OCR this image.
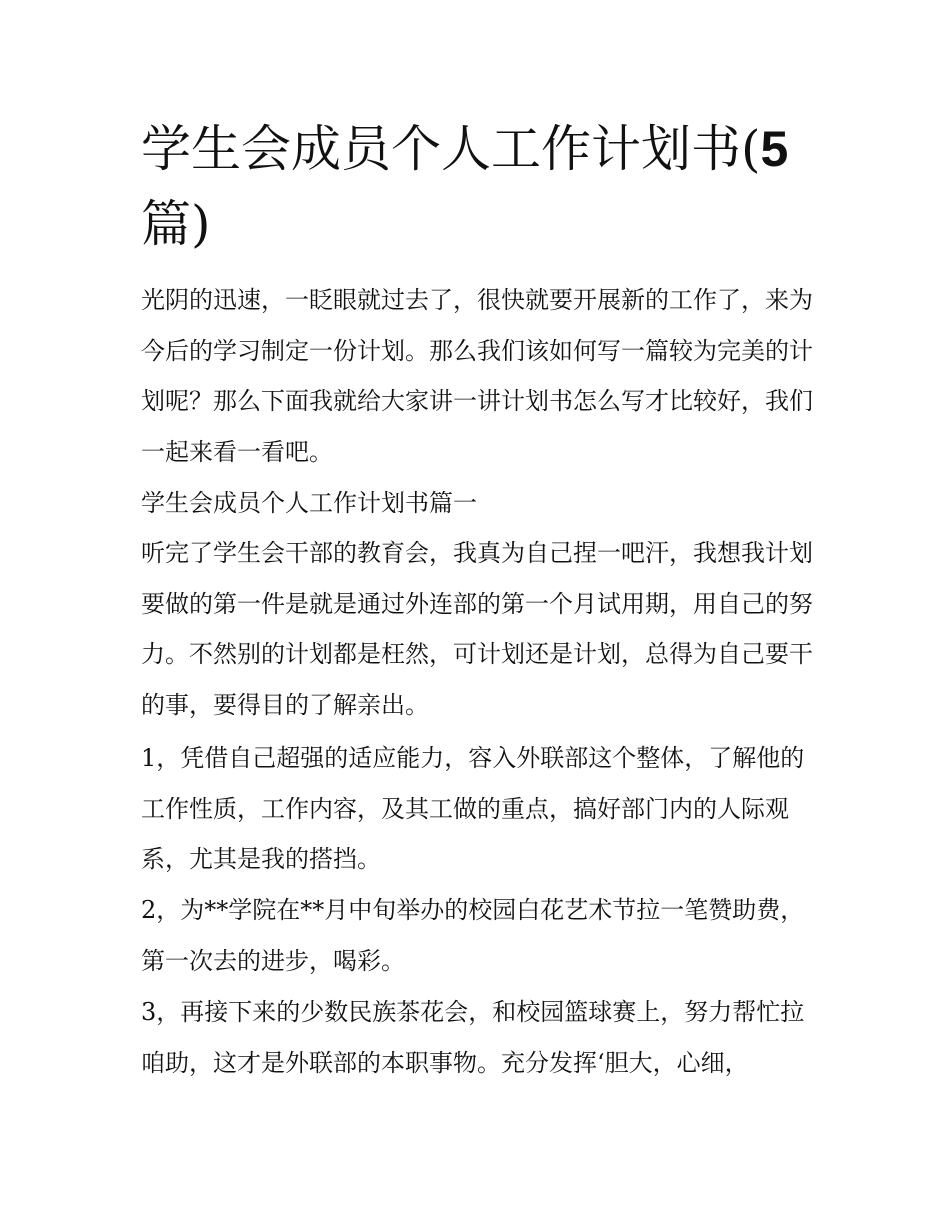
学生会成员个人工作计划书(5
篇)

光阴的迅速，一眨眼就过去了，很快就要开展新的工作了，来为今后的学习制定一份计划。那么我们该如何写一篇较为完美的计划呢？那么下面我就给大家讲一讲计划书怎么写才比较好，我们一起来看一看吧。

学生会成员个人工作计划书篇一

听完了学生会干部的教育会，我真为自己捏一吧汗，我想我计划要做的第一件是就是通过外连部的第一个月试用期，用自己的努力。不然别的计划都是枉然，可计划还是计划，总得为自己要干的事，要得目的了解亲出。

1，凭借自己超强的适应能力，容入外联部这个整体，了解他的工作性质，工作内容，及其工做的重点，搞好部门内的人际观系，尤其是我的搭挡。

2，为**学院在**月中旬举办的校园白花艺术节拉一笔赞助费，第一次去的进步，喝彩。

3，再接下来的少数民族茶花会，和校园篮球赛上，努力帮忙拉咱助，这才是外联部的本职事物。充分发挥‘胆大，心细，
